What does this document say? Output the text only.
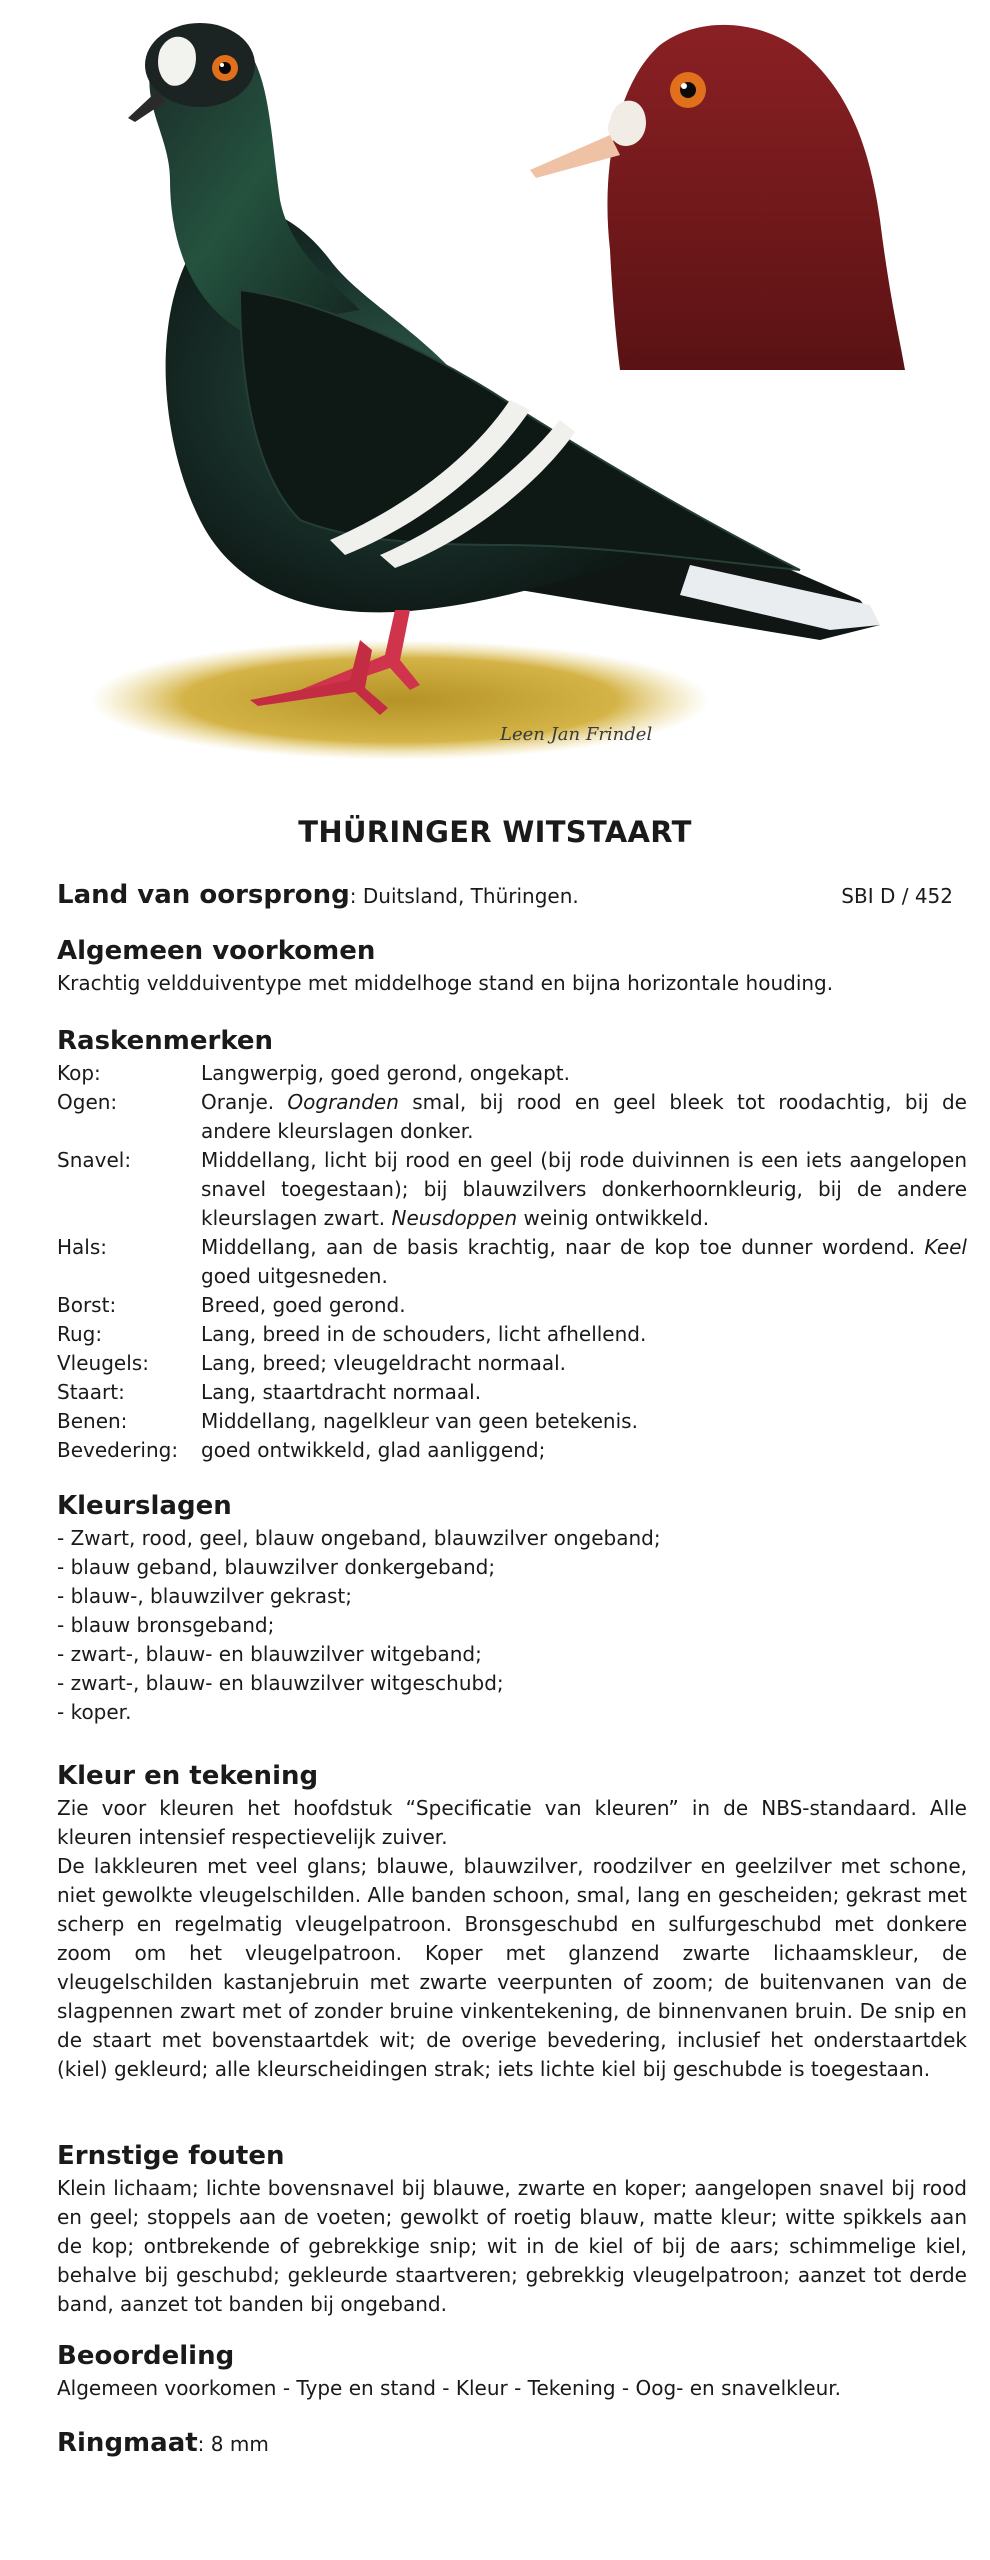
Leen Jan Frindel
THÜRINGER WITSTAART
Land van oorsprong: Duitsland, Thüringen.	SBI D / 452
Algemeen voorkomen

Krachtig veldduiventype met middelhoge stand en bijna horizontale houding.

Raskenmerken
Kop:	Langwerpig, goed gerond, ongekapt.
Ogen:	Oranje. Oogranden smal, bij rood en geel bleek tot roodachtig, bij de andere kleurslagen donker.
Snavel:	Middellang, licht bij rood en geel (bij rode duivinnen is een iets aangelopen snavel toegestaan); bij blauwzilvers donkerhoornkleurig, bij de andere kleurslagen zwart. Neusdoppen weinig ontwikkeld.
Hals:	Middellang, aan de basis krachtig, naar de kop toe dunner wordend. Keel goed uitgesneden.
Borst:	Breed, goed gerond.
Rug:	Lang, breed in de schouders, licht afhellend.
Vleugels:	Lang, breed; vleugeldracht normaal.
Staart:	Lang, staartdracht normaal.
Benen:	Middellang, nagelkleur van geen betekenis.
Bevedering:	goed ontwikkeld, glad aanliggend;
Kleurslagen
- Zwart, rood, geel, blauw ongeband, blauwzilver ongeband;
- blauw geband, blauwzilver donkergeband;
- blauw-, blauwzilver gekrast;
- blauw bronsgeband;
- zwart-, blauw- en blauwzilver witgeband;
- zwart-, blauw- en blauwzilver witgeschubd;
- koper.
Kleur en tekening

Zie voor kleuren het hoofdstuk “Specificatie van kleuren” in de NBS-standaard. Alle kleuren intensief respectievelijk zuiver.

De lakkleuren met veel glans; blauwe, blauwzilver, roodzilver en geelzilver met schone, niet gewolkte vleugelschilden. Alle banden schoon, smal, lang en gescheiden; gekrast met scherp en regelmatig vleugelpatroon. Bronsgeschubd en sulfurgeschubd met donkere zoom om het vleugelpatroon. Koper met glanzend zwarte lichaamskleur, de vleugelschilden kastanjebruin met zwarte veerpunten of zoom; de buitenvanen van de slagpennen zwart met of zonder bruine vinkentekening, de binnenvanen bruin. De snip en de staart met bovenstaartdek wit; de overige bevedering, inclusief het onderstaartdek (kiel) gekleurd; alle kleurscheidingen strak; iets lichte kiel bij geschubde is toegestaan.

Ernstige fouten

Klein lichaam; lichte bovensnavel bij blauwe, zwarte en koper; aangelopen snavel bij rood en geel; stoppels aan de voeten; gewolkt of roetig blauw, matte kleur; witte spikkels aan de kop; ontbrekende of gebrekkige snip; wit in de kiel of bij de aars; schimmelige kiel, behalve bij geschubd; gekleurde staartveren; gebrekkig vleugelpatroon; aanzet tot derde band, aanzet tot banden bij ongeband.

Beoordeling

Algemeen voorkomen - Type en stand - Kleur - Tekening - Oog- en snavelkleur.

Ringmaat: 8 mm
